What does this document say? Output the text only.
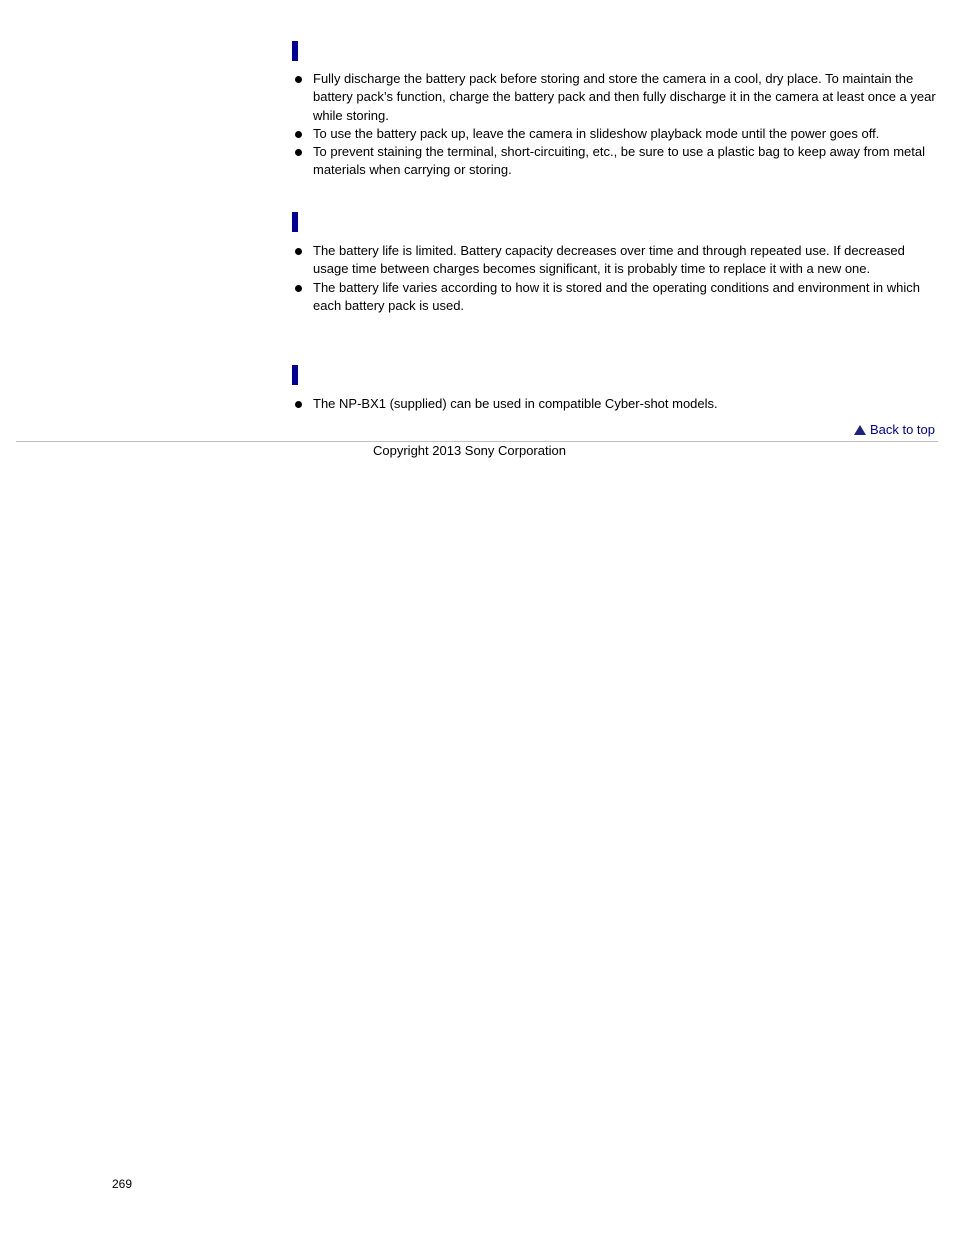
Fully discharge the battery pack before storing and store the camera in a cool, dry place. To maintain the battery pack’s function, charge the battery pack and then fully discharge it in the camera at least once a year while storing.
To use the battery pack up, leave the camera in slideshow playback mode until the power goes off.
To prevent staining the terminal, short-circuiting, etc., be sure to use a plastic bag to keep away from metal materials when carrying or storing.
The battery life is limited. Battery capacity decreases over time and through repeated use. If decreased usage time between charges becomes significant, it is probably time to replace it with a new one.
The battery life varies according to how it is stored and the operating conditions and environment in which each battery pack is used.
The NP-BX1 (supplied) can be used in compatible Cyber-shot models.
Back to top
Copyright 2013 Sony Corporation
269
